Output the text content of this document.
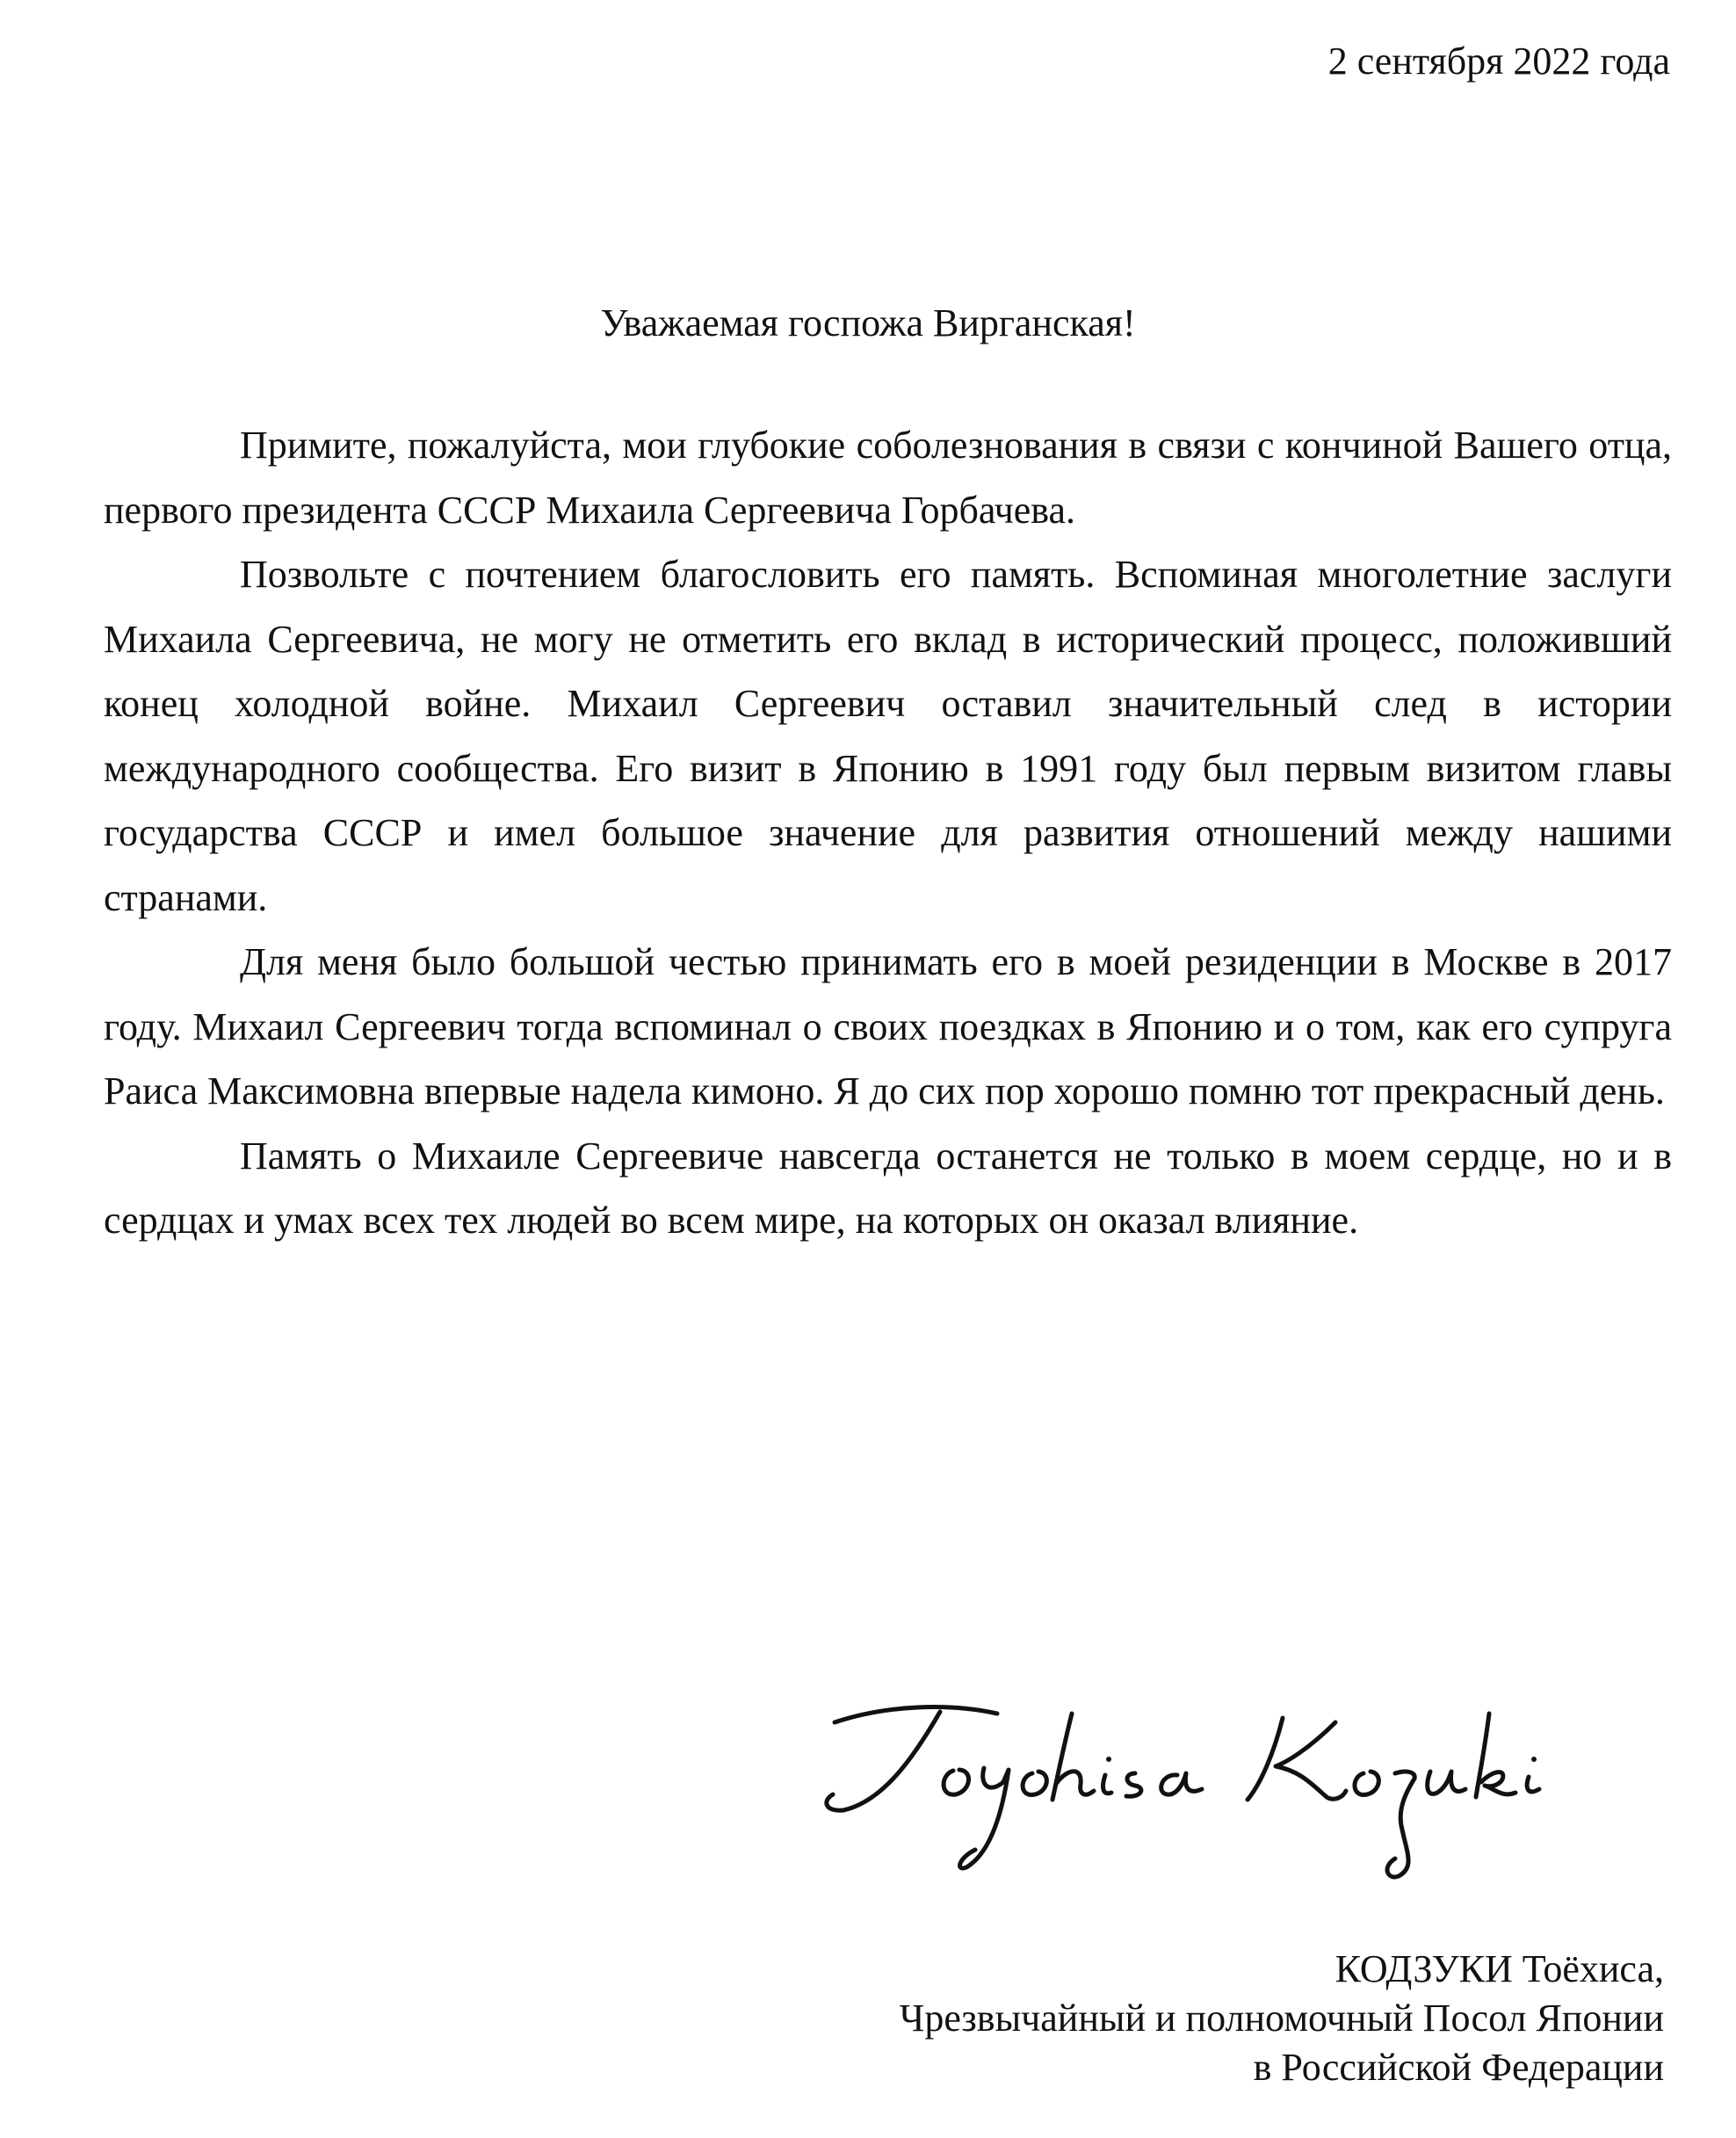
2 сентября 2022 года
Уважаемая госпожа Вирганская!

Примите, пожалуйста, мои глубокие соболезнования в связи с кончиной Вашего отца, первого президента СССР Михаила Сергеевича Горбачева.

Позвольте с почтением благословить его память. Вспоминая многолетние заслуги Михаила Сергеевича, не могу не отметить его вклад в исторический процесс, положивший конец холодной войне. Михаил Сергеевич оставил значительный след в истории международного сообщества. Его визит в Японию в 1991 году был первым визитом главы государства СССР и имел большое значение для развития отношений между нашими странами.

Для меня было большой честью принимать его в моей резиденции в Москве в 2017 году. Михаил Сергеевич тогда вспоминал о своих поездках в Японию и о том, как его супруга Раиса Максимовна впервые надела кимоно. Я до сих пор хорошо помню тот прекрасный день.

Память о Михаиле Сергеевиче навсегда останется не только в моем сердце, но и в сердцах и умах всех тех людей во всем мире, на которых он оказал влияние.

КОДЗУКИ Тоёхиса,
Чрезвычайный и полномочный Посол Японии
в Российской Федерации
